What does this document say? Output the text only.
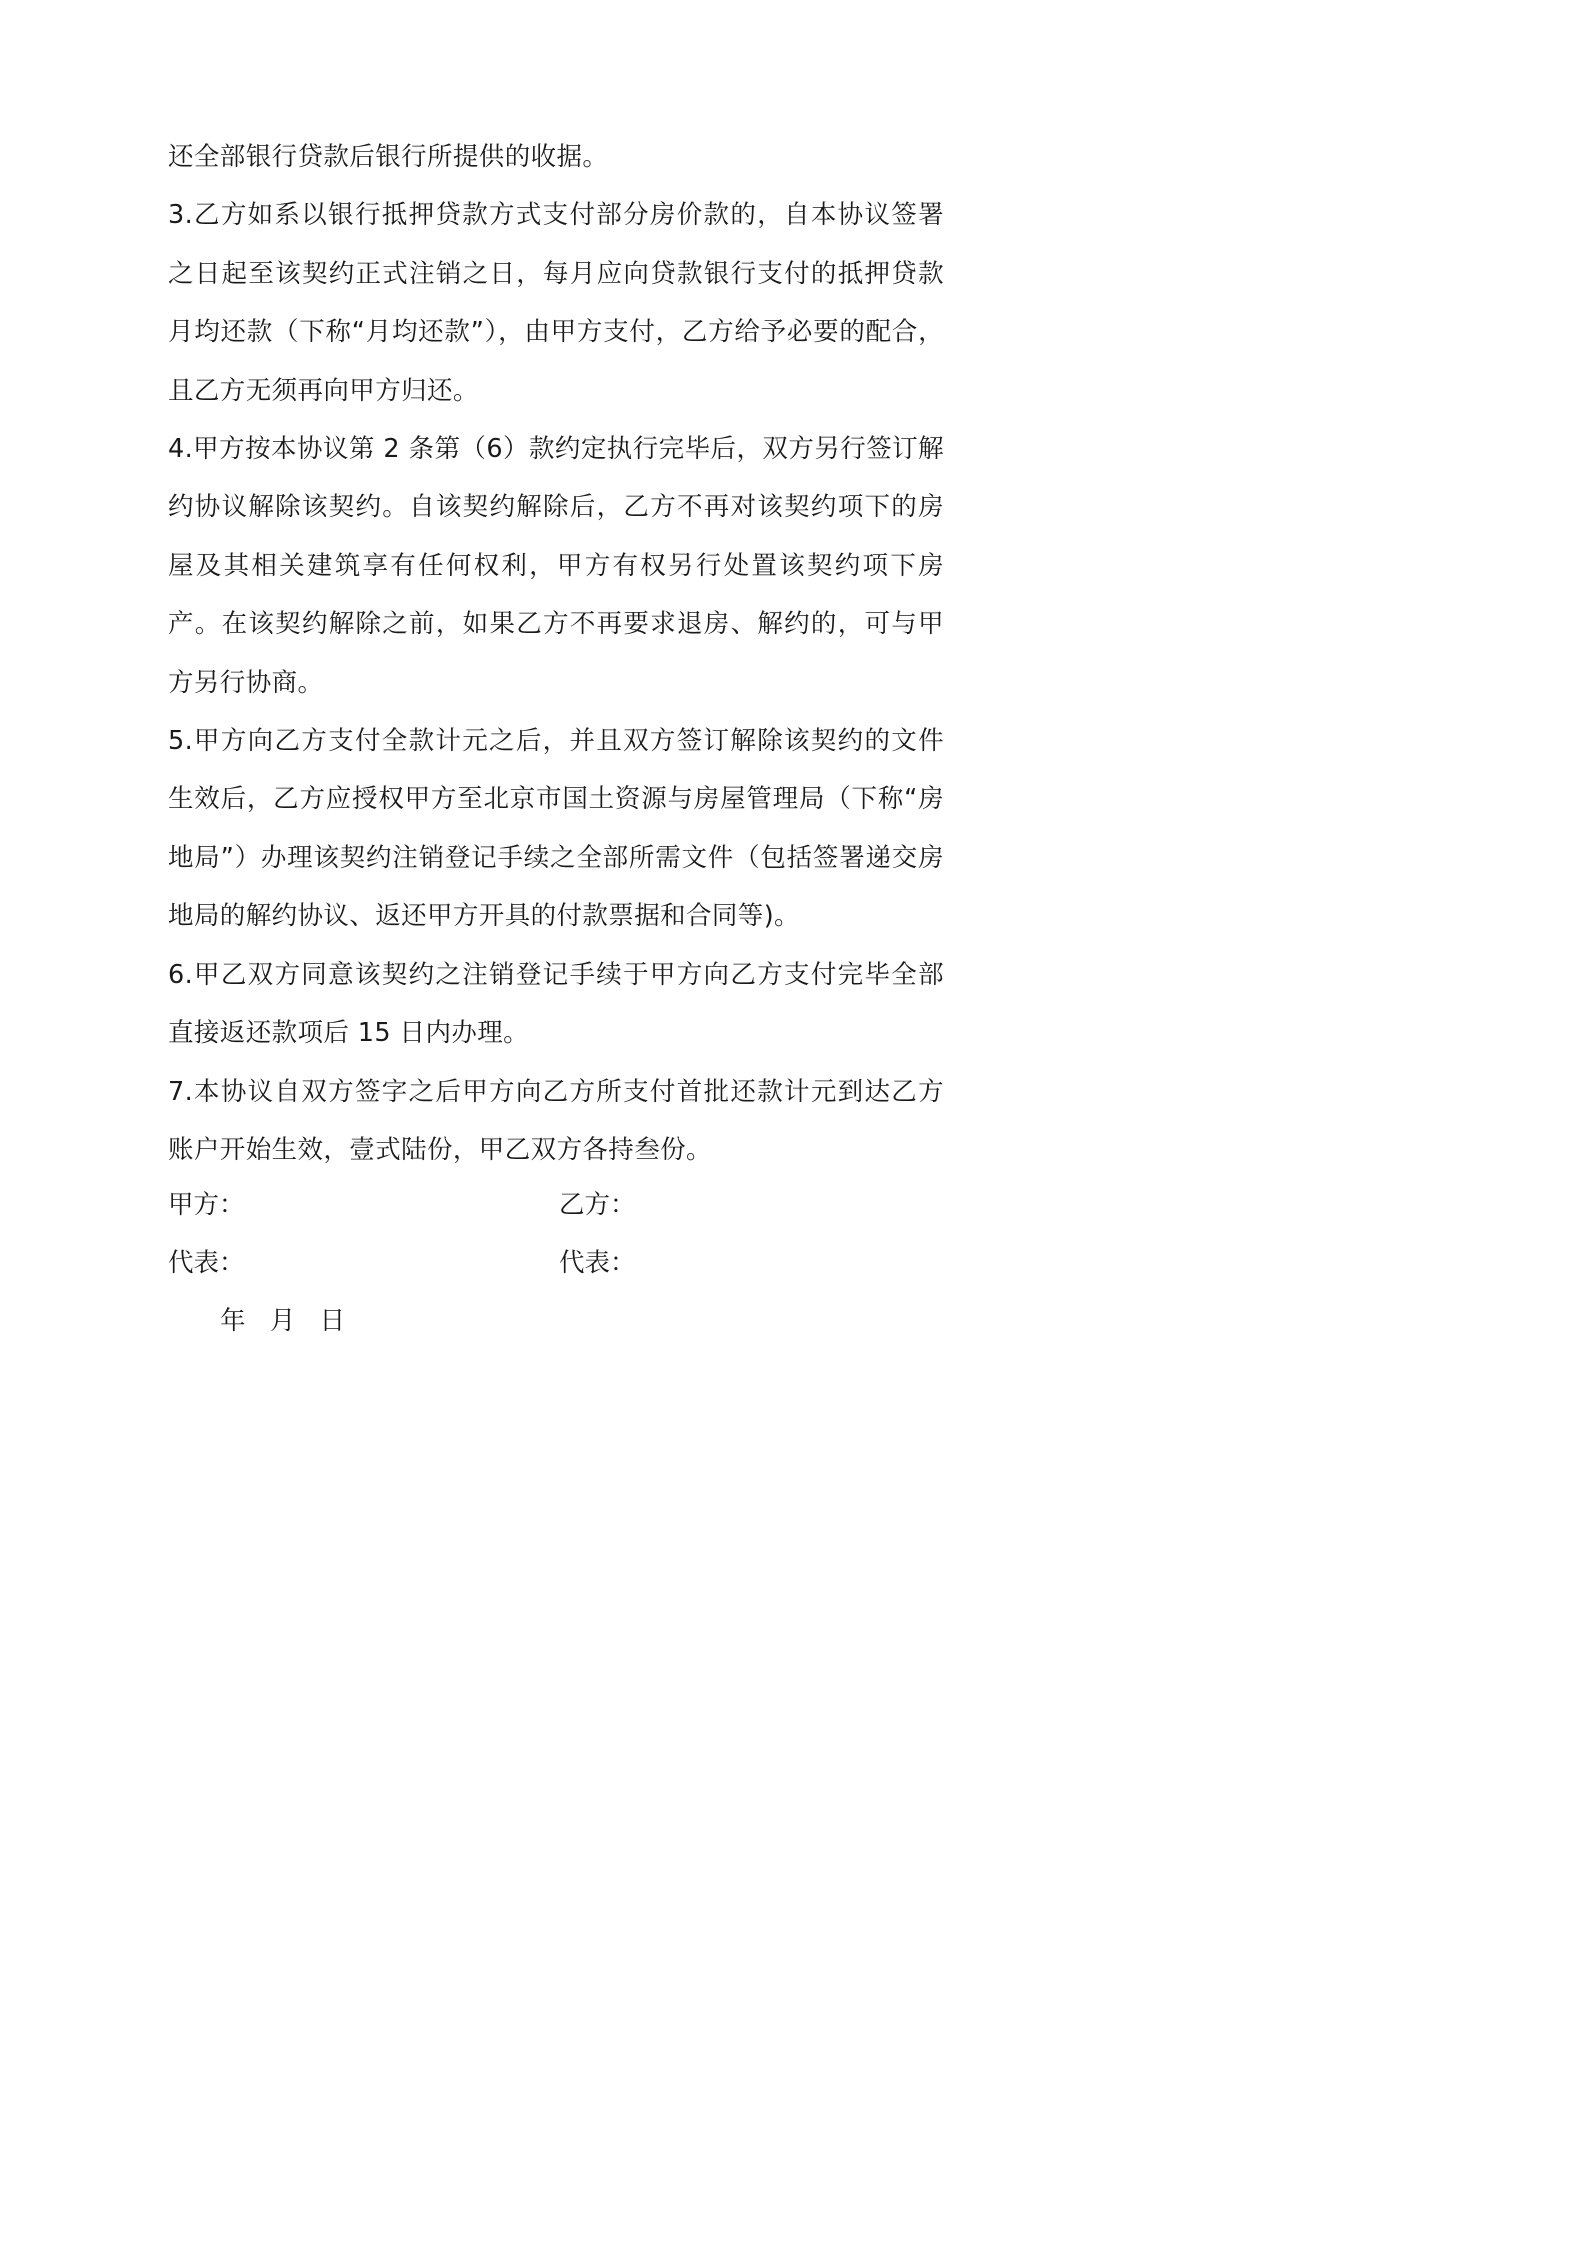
还全部银行贷款后银行所提供的收据。

3.乙方如系以银行抵押贷款方式支付部分房价款的，自本协议签署之日起至该契约正式注销之日，每月应向贷款银行支付的抵押贷款月均还款（下称“月均还款”），由甲方支付，乙方给予必要的配合，且乙方无须再向甲方归还。

4.甲方按本协议第 2 条第（6）款约定执行完毕后，双方另行签订解约协议解除该契约。自该契约解除后，乙方不再对该契约项下的房屋及其相关建筑享有任何权利，甲方有权另行处置该契约项下房产。在该契约解除之前，如果乙方不再要求退房、解约的，可与甲方另行协商。

5.甲方向乙方支付全款计元之后，并且双方签订解除该契约的文件生效后，乙方应授权甲方至北京市国土资源与房屋管理局（下称“房地局”）办理该契约注销登记手续之全部所需文件（包括签署递交房地局的解约协议、返还甲方开具的付款票据和合同等)。

6.甲乙双方同意该契约之注销登记手续于甲方向乙方支付完毕全部直接返还款项后 15 日内办理。

7.本协议自双方签字之后甲方向乙方所支付首批还款计元到达乙方账户开始生效，壹式陆份，甲乙双方各持叁份。

甲方：	乙方：
代表：	代表：
年   月   日
